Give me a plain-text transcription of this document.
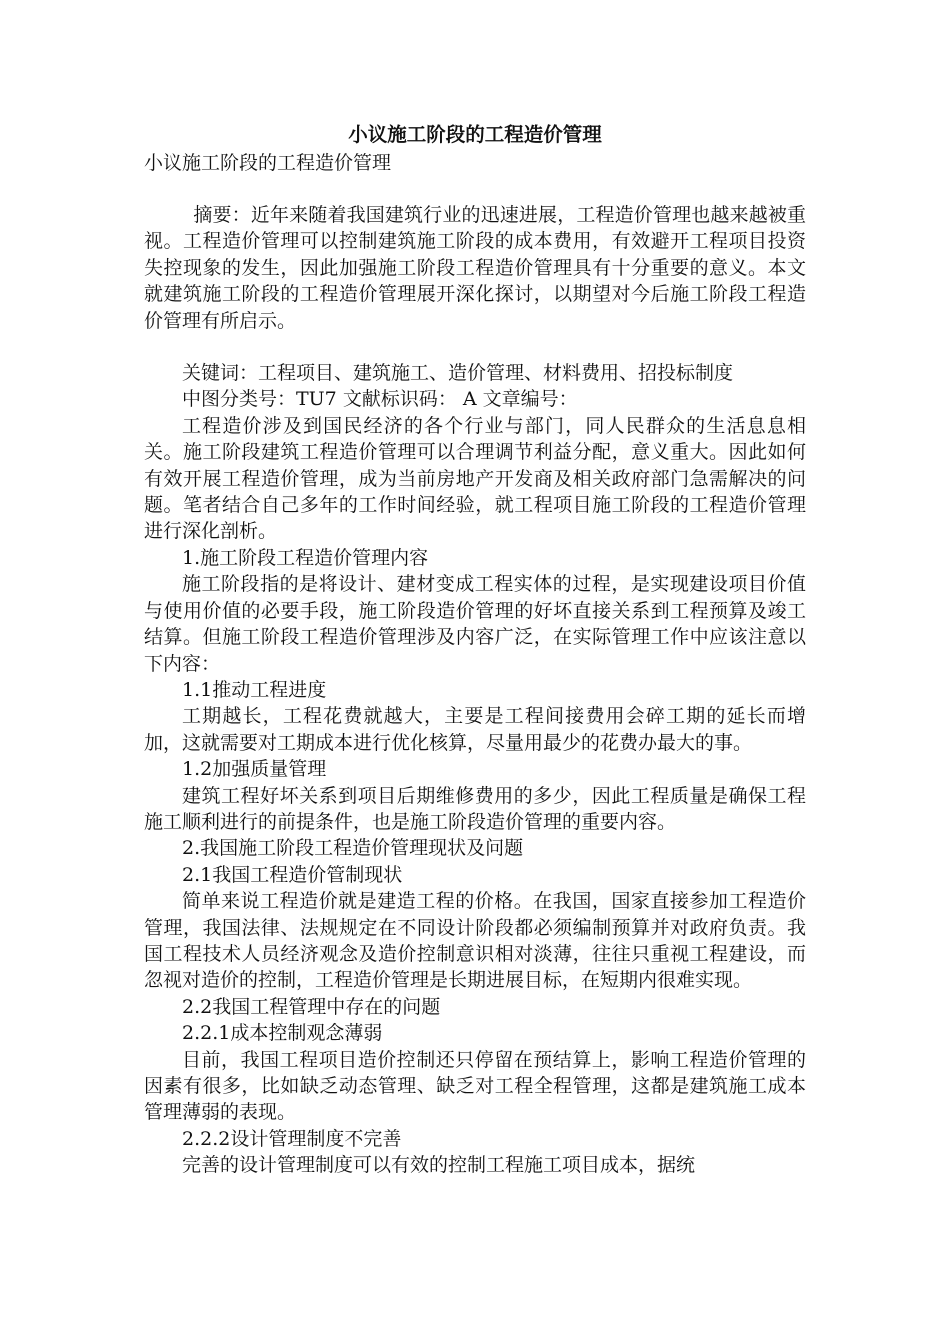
小议施工阶段的工程造价管理

小议施工阶段的工程造价管理

摘要：近年来随着我国建筑行业的迅速进展，工程造价管理也越来越被重视。工程造价管理可以控制建筑施工阶段的成本费用，有效避开工程项目投资失控现象的发生，因此加强施工阶段工程造价管理具有十分重要的意义。本文就建筑施工阶段的工程造价管理展开深化探讨，以期望对今后施工阶段工程造价管理有所启示。

关键词：工程项目、建筑施工、造价管理、材料费用、招投标制度

中图分类号：TU7 文献标识码： A 文章编号：

工程造价涉及到国民经济的各个行业与部门，同人民群众的生活息息相关。施工阶段建筑工程造价管理可以合理调节利益分配，意义重大。因此如何有效开展工程造价管理，成为当前房地产开发商及相关政府部门急需解决的问题。笔者结合自己多年的工作时间经验，就工程项目施工阶段的工程造价管理进行深化剖析。

1.施工阶段工程造价管理内容

施工阶段指的是将设计、建材变成工程实体的过程，是实现建设项目价值与使用价值的必要手段，施工阶段造价管理的好坏直接关系到工程预算及竣工结算。但施工阶段工程造价管理涉及内容广泛，在实际管理工作中应该注意以下内容：

1.1推动工程进度

工期越长，工程花费就越大，主要是工程间接费用会碎工期的延长而增加，这就需要对工期成本进行优化核算，尽量用最少的花费办最大的事。

1.2加强质量管理

建筑工程好坏关系到项目后期维修费用的多少，因此工程质量是确保工程施工顺利进行的前提条件，也是施工阶段造价管理的重要内容。

2.我国施工阶段工程造价管理现状及问题

2.1我国工程造价管制现状

简单来说工程造价就是建造工程的价格。在我国，国家直接参加工程造价管理，我国法律、法规规定在不同设计阶段都必须编制预算并对政府负责。我国工程技术人员经济观念及造价控制意识相对淡薄，往往只重视工程建设，而忽视对造价的控制，工程造价管理是长期进展目标，在短期内很难实现。

2.2我国工程管理中存在的问题

2.2.1成本控制观念薄弱

目前，我国工程项目造价控制还只停留在预结算上，影响工程造价管理的因素有很多，比如缺乏动态管理、缺乏对工程全程管理，这都是建筑施工成本管理薄弱的表现。

2.2.2设计管理制度不完善

完善的设计管理制度可以有效的控制工程施工项目成本，据统
